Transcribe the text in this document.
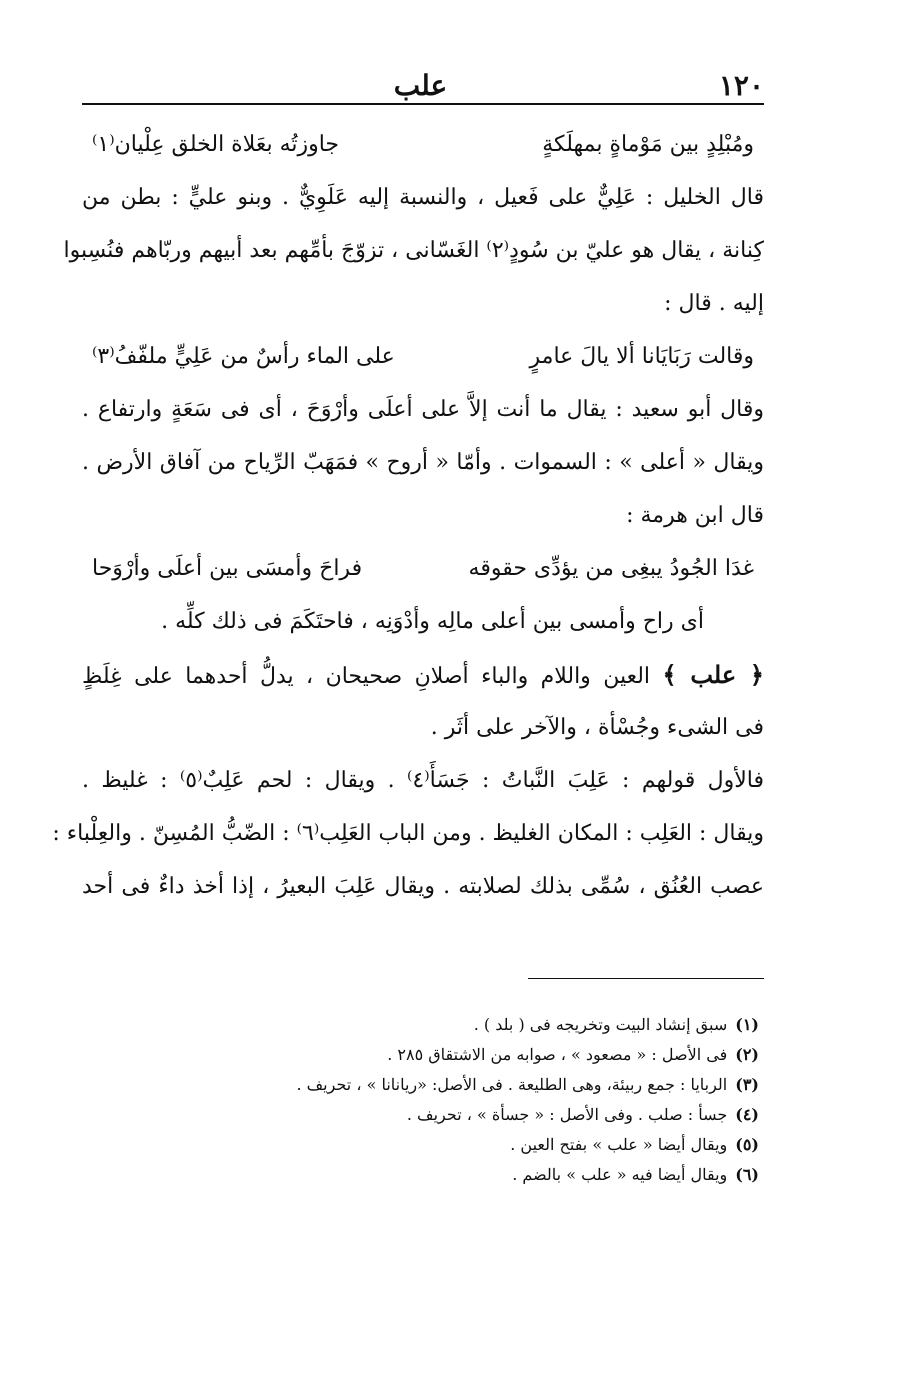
١٢٠
علب
ومُبْلِدٍ بين مَوْماةٍ بمهلَكةٍ
جاوزتُه بعَلاة الخلق عِلْيان⁽١⁾
قال الخليل : عَلِيٌّ على فَعيل ، والنسبة إليه عَلَوِيٌّ . وبنو عليٍّ : بطن من
كِنانة ، يقال هو عليّ بن سُودٍ⁽٢⁾ الغَسّانى ، تزوّجَ بأمِّهم بعد أبيهم وربّاهم فنُسِبوا
إليه . قال :
وقالت رَبَايَانا ألا يالَ عامرٍ
على الماء رأسٌ من عَلِيٍّ ملفّفُ⁽٣⁾
وقال أبو سعيد : يقال ما أنت إلاَّ على أعلَى وأرْوَحَ ، أى فى سَعَةٍ وارتفاع .
ويقال « أعلى » : السموات . وأمّا « أروح » فمَهَبّ الرِّياح من آفاق الأرض .
قال ابن هرمة :
غدَا الجُودُ يبغِى من يؤدِّى حقوقه
فراحَ وأمسَى بين أعلَى وأرْوَحا
أى راح وأمسى بين أعلى مالِه وأدْوَنِه ، فاحتَكَمَ فى ذلك كلِّه .
﴿ علب ﴾ العين واللام والباء أصلانِ صحيحان ، يدلُّ أحدهما على غِلَظٍ
فى الشىء وجُسْأة ، والآخر على أثَر .
فالأول قولهم : عَلِبَ النَّباتُ : جَسَأَ⁽٤⁾ . ويقال : لحم عَلِبٌ⁽٥⁾ : غليظ .
ويقال : العَلِب : المكان الغليظ . ومن الباب العَلِب⁽٦⁾ : الضّبُّ المُسِنّ . والعِلْباء :
عصب العُنُق ، سُمِّى بذلك لصلابته . ويقال عَلِبَ البعيرُ ، إذا أخذ داءٌ فى أحد
(١)سبق إنشاد البيت وتخريجه فى ( بلد ) .
(٢)فى الأصل : « مصعود » ، صوابه من الاشتقاق ٢٨٥ .
(٣)الربايا : جمع ربيئة، وهى الطليعة . فى الأصل: «ريانانا » ، تحريف .
(٤)جسأ : صلب . وفى الأصل : « جسأة » ، تحريف .
(٥)ويقال أيضا « علب » بفتح العين .
(٦)ويقال أيضا فيه « علب » بالضم .
